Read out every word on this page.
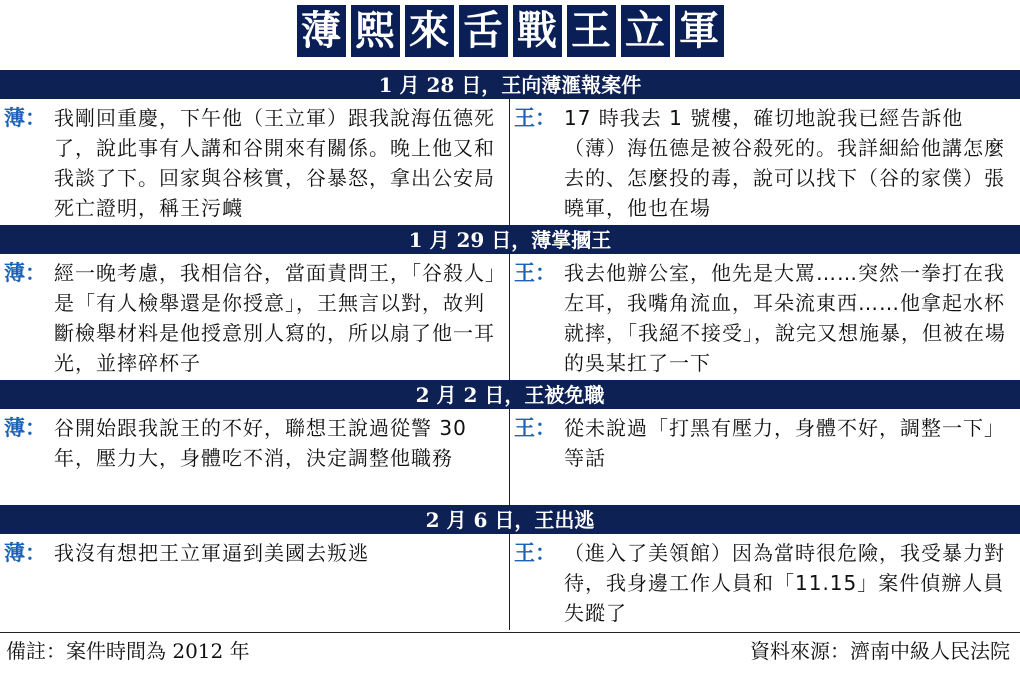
薄 熙 來 舌 戰 王 立 軍
1 月 28 日，王向薄滙報案件
薄： 我剛回重慶，下午他（王立軍）跟我說海伍德死了，說此事有人講和谷開來有關係。晚上他又和我談了下。回家與谷核實，谷暴怒，拿出公安局死亡證明，稱王污衊
王： 17 時我去 1 號樓，確切地說我已經告訴他（薄）海伍德是被谷殺死的。我詳細給他講怎麼去的、怎麼投的毒，說可以找下（谷的家僕）張曉軍，他也在場
1 月 29 日，薄掌摑王
薄： 經一晚考慮，我相信谷，當面責問王，「谷殺人」是「有人檢舉還是你授意」，王無言以對，故判斷檢舉材料是他授意別人寫的，所以扇了他一耳光，並摔碎杯子
王： 我去他辦公室，他先是大罵……突然一拳打在我左耳，我嘴角流血，耳朵流東西……他拿起水杯就摔，「我絕不接受」，說完又想施暴，但被在場的吳某扛了一下
2 月 2 日，王被免職
薄： 谷開始跟我說王的不好，聯想王說過從警 30 年，壓力大，身體吃不消，決定調整他職務
王： 從未說過「打黑有壓力，身體不好，調整一下」等話
2 月 6 日，王出逃
薄： 我沒有想把王立軍逼到美國去叛逃	王： （進入了美領館）因為當時很危險，我受暴力對待，我身邊工作人員和「11.15」案件偵辦人員失蹤了
備註：案件時間為 2012 年	資料來源：濟南中級人民法院
